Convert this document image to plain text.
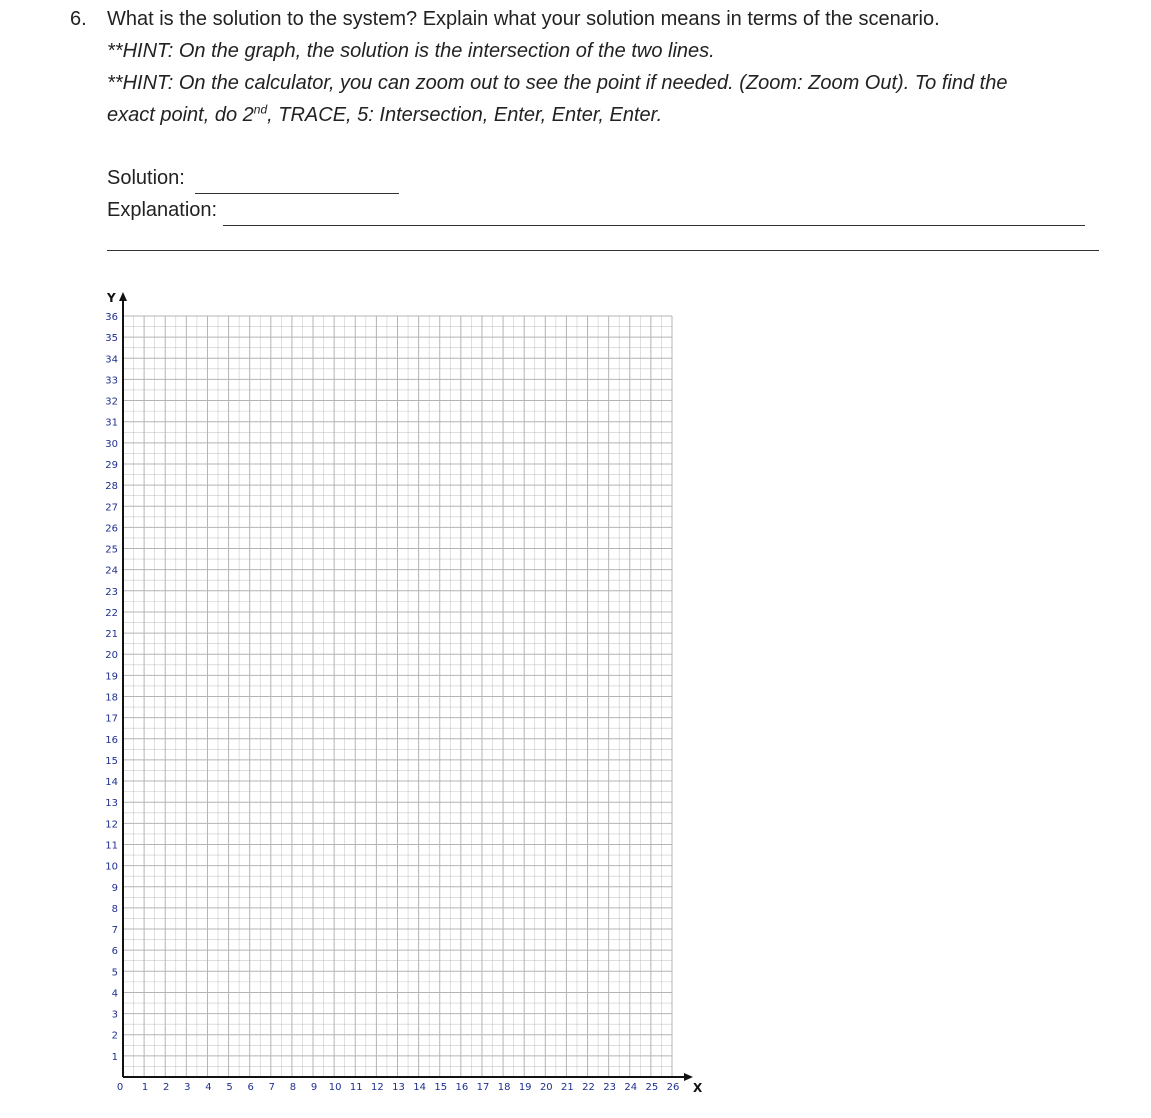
6. What is the solution to the system? Explain what your solution means in terms of the scenario.
**HINT: On the graph, the solution is the intersection of the two lines.
**HINT: On the calculator, you can zoom out to see the point if needed. (Zoom: Zoom Out). To find the
exact point, do 2nd, TRACE, 5: Intersection, Enter, Enter, Enter.
Solution:
Explanation:
0 1 2 3 4 5 6 7 8 9 10 11 12 13 14 15 16 17 18 19 20 21 22 23 24 25 26
1
2
3
4
5
6
7
8
9
10
11
12
13
14
15
16
17
18
19
20
21
22
23
24
25
26
27
28
29
30
31
32
33
34
35
36
Y
X
